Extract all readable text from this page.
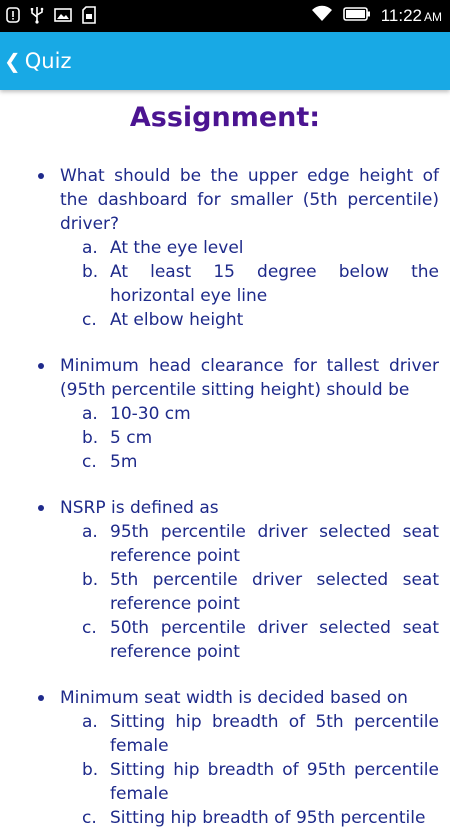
11:22 AM
❮ Quiz
Assignment:
What should be the upper edge height of the dashboard for smaller (5th percentile) driver?
a. At the eye level
b. At least 15 degree below the horizontal eye line
c. At elbow height
Minimum head clearance for tallest driver (95th percentile sitting height) should be
a. 10-30 cm
b. 5 cm
c. 5m
NSRP is defined as
a. 95th percentile driver selected seat reference point
b. 5th percentile driver selected seat reference point
c. 50th percentile driver selected seat reference point
Minimum seat width is decided based on
a. Sitting hip breadth of 5th percentile female
b. Sitting hip breadth of 95th percentile female
c. Sitting hip breadth of 95th percentile
